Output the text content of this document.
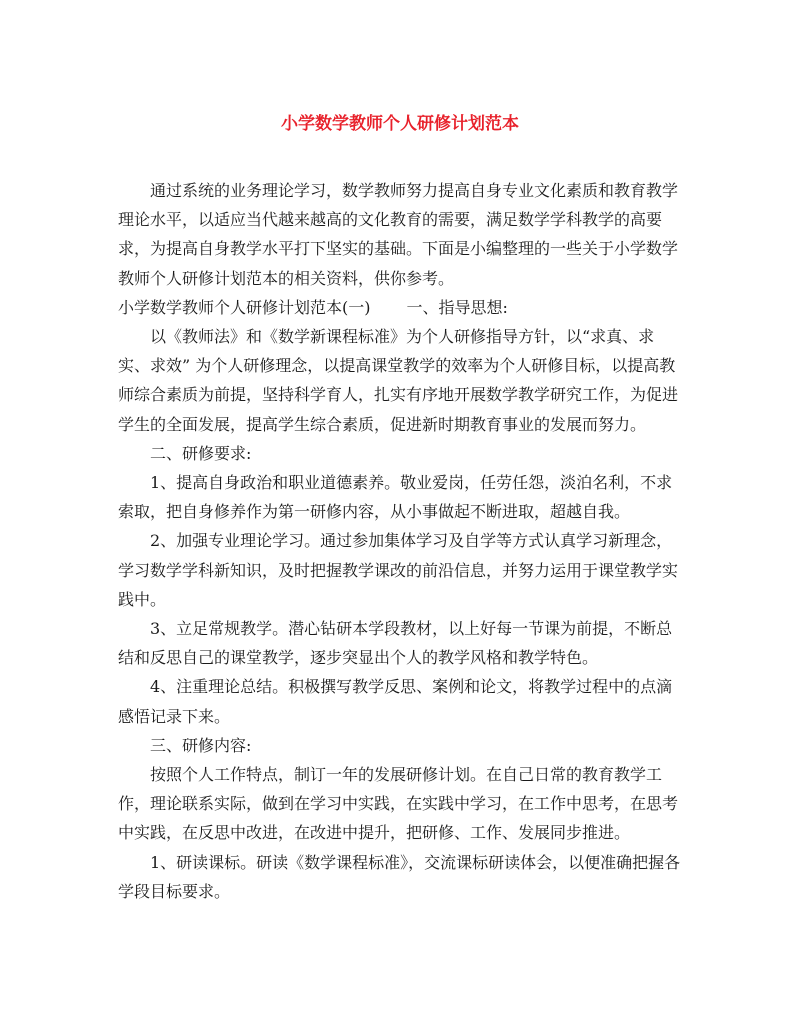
小学数学教师个人研修计划范本

通过系统的业务理论学习，数学教师努力提高自身专业文化素质和教育教学理论水平，以适应当代越来越高的文化教育的需要，满足数学学科教学的高要求，为提高自身教学水平打下坚实的基础。下面是小编整理的一些关于小学数学教师个人研修计划范本的相关资料，供你参考。

小学数学教师个人研修计划范本(一) 一、指导思想:

以《教师法》和《数学新课程标准》为个人研修指导方针，以“求真、求实、求效” 为个人研修理念，以提高课堂教学的效率为个人研修目标，以提高教师综合素质为前提，坚持科学育人，扎实有序地开展数学教学研究工作，为促进学生的全面发展，提高学生综合素质，促进新时期教育事业的发展而努力。

二、研修要求:

1、提高自身政治和职业道德素养。敬业爱岗，任劳任怨，淡泊名利，不求索取，把自身修养作为第一研修内容，从小事做起不断进取，超越自我。

2、加强专业理论学习。通过参加集体学习及自学等方式认真学习新理念，学习数学学科新知识，及时把握教学课改的前沿信息，并努力运用于课堂教学实践中。

3、立足常规教学。潜心钻研本学段教材，以上好每一节课为前提，不断总结和反思自己的课堂教学，逐步突显出个人的教学风格和教学特色。

4、注重理论总结。积极撰写教学反思、案例和论文，将教学过程中的点滴感悟记录下来。

三、研修内容:

按照个人工作特点，制订一年的发展研修计划。在自己日常的教育教学工作，理论联系实际，做到在学习中实践，在实践中学习，在工作中思考，在思考中实践，在反思中改进，在改进中提升，把研修、工作、发展同步推进。

1、研读课标。研读《数学课程标准》，交流课标研读体会，以便准确把握各学段目标要求。
